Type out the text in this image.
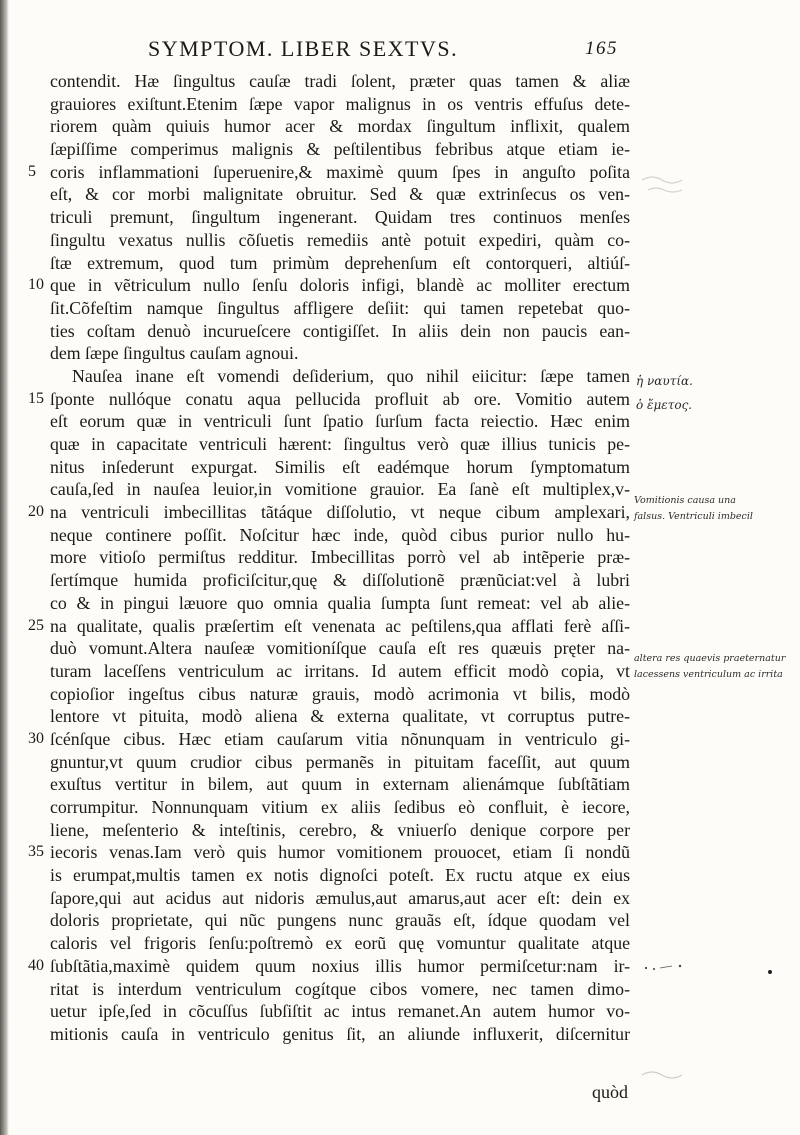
SYMPTOM. LIBER SEXTVS.	165
contendit. Hæ ſingultus cauſæ tradi ſolent, præter quas tamen & aliæ
grauiores exiſtunt.Etenim ſæpe vapor malignus in os ventris effuſus dete-
riorem quàm quiuis humor acer & mordax ſingultum inflixit, qualem
ſæpiſſime comperimus malignis & peſtilentibus febribus atque etiam ie-
5 coris inflammationi ſuperuenire,& maximè quum ſpes in anguſto poſita
eſt, & cor morbi malignitate obruitur. Sed & quæ extrinſecus os ven-
triculi premunt, ſingultum ingenerant. Quidam tres continuos menſes
ſingultu vexatus nullis cõſuetis remediis antè potuit expediri, quàm co-
ſtæ extremum, quod tum primùm deprehenſum eſt contorqueri, altiúſ-
10 que in vẽtriculum nullo ſenſu doloris infigi, blandè ac molliter erectum
ſit.Cõfeſtim namque ſingultus affligere deſiit: qui tamen repetebat quo-
ties coſtam denuò incurueſcere contigiſſet. In aliis dein non paucis ean-
dem ſæpe ſingultus cauſam agnoui.
Nauſea inane eſt vomendi deſiderium, quo nihil eiicitur: ſæpe tamen
15 ſponte nullóque conatu aqua pellucida profluit ab ore. Vomitio autem
eſt eorum quæ in ventriculi ſunt ſpatio ſurſum facta reiectio. Hæc enim
quæ in capacitate ventriculi hærent: ſingultus verò quæ illius tunicis pe-
nitus inſederunt expurgat. Similis eſt eadémque horum ſymptomatum
cauſa,ſed in nauſea leuior,in vomitione grauior. Ea ſanè eſt multiplex,v-
20 na ventriculi imbecillitas tãtáque diſſolutio, vt neque cibum amplexari,
neque continere poſſit. Noſcitur hæc inde, quòd cibus purior nullo hu-
more vitioſo permiſtus redditur. Imbecillitas porrò vel ab intẽperie præ-
ſertímque humida proficiſcitur,quę & diſſolutionẽ prænũciat:vel à lubri
co & in pingui læuore quo omnia qualia ſumpta ſunt remeat: vel ab alie-
25 na qualitate, qualis præſertim eſt venenata ac peſtilens,qua afflati ferè aſſi-
duò vomunt.Altera nauſeæ vomitioníſque cauſa eſt res quæuis pręter na-
turam laceſſens ventriculum ac irritans. Id autem efficit modò copia, vt
copioſior ingeſtus cibus naturæ grauis, modò acrimonia vt bilis, modò
lentore vt pituita, modò aliena & externa qualitate, vt corruptus putre-
30 ſcénſque cibus. Hæc etiam cauſarum vitia nõnunquam in ventriculo gi-
gnuntur,vt quum crudior cibus permanẽs in pituitam faceſſit, aut quum
exuſtus vertitur in bilem, aut quum in externam alienámque ſubſtãtiam
corrumpitur. Nonnunquam vitium ex aliis ſedibus eò confluit, è iecore,
liene, meſenterio & inteſtinis, cerebro, & vniuerſo denique corpore per
35 iecoris venas.Iam verò quis humor vomitionem prouocet, etiam ſi nondũ
is erumpat,multis tamen ex notis dignoſci poteſt. Ex ructu atque ex eius
ſapore,qui aut acidus aut nidoris æmulus,aut amarus,aut acer eſt: dein ex
doloris proprietate, qui nũc pungens nunc grauãs eſt, ídque quodam vel
caloris vel frigoris ſenſu:poſtremò ex eorũ quę vomuntur qualitate atque
40 ſubſtãtia,maximè quidem quum noxius illis humor permiſcetur:nam ir-
ritat is interdum ventriculum cogítque cibos vomere, nec tamen dimo-
uetur ipſe,ſed in cõcuſſus ſubſiſtit ac intus remanet.An autem humor vo-
mitionis cauſa in ventriculo genitus ſit, an aliunde influxerit, diſcernitur
quòd
ἡ ναυτία.
ὁ ἔμετος.
Vomitionis causa una
falsus. Ventriculi imbecil
altera res quaevis praeternatur
lacessens ventriculum ac irrita
